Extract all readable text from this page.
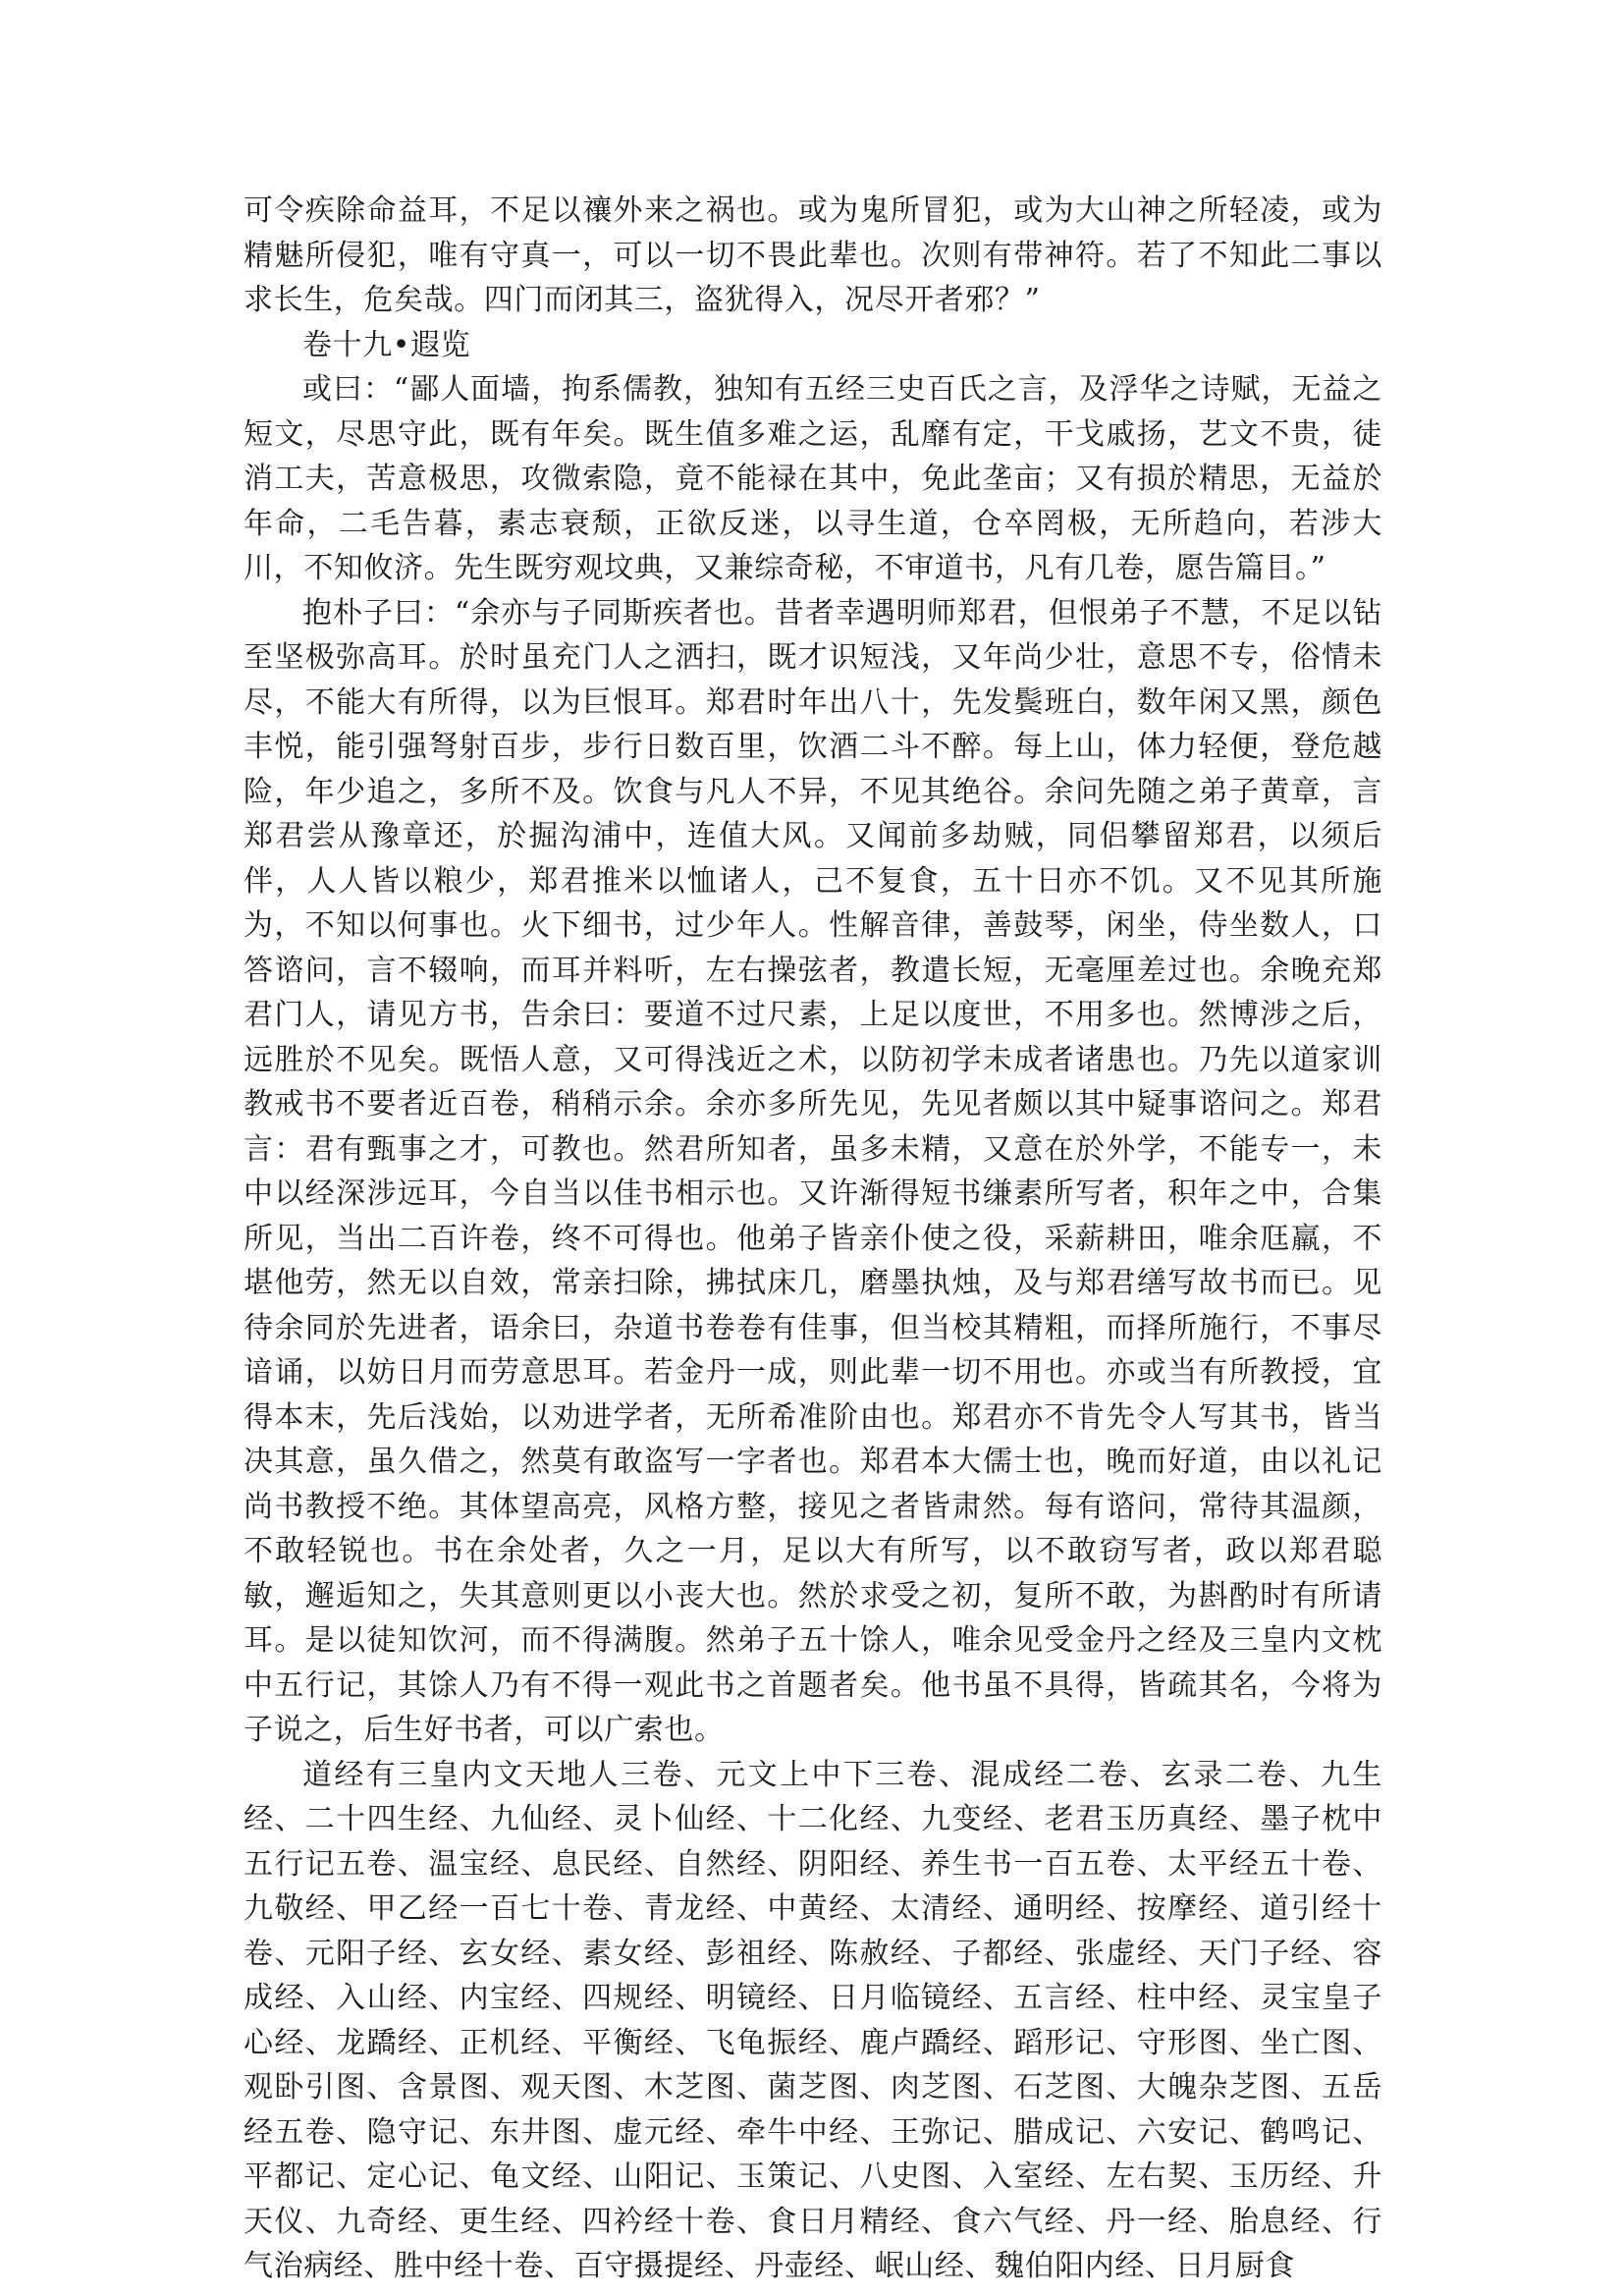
可令疾除命益耳，不足以禳外来之祸也。或为鬼所冒犯，或为大山神之所轻凌，或为精魅所侵犯，唯有守真一，可以一切不畏此辈也。次则有带神符。若了不知此二事以求长生，危矣哉。四门而闭其三，盗犹得入，况尽开者邪？”

卷十九•遐览

或曰：“鄙人面墙，拘系儒教，独知有五经三史百氏之言，及浮华之诗赋，无益之短文，尽思守此，既有年矣。既生值多难之运，乱靡有定，干戈戚扬，艺文不贵，徒消工夫，苦意极思，攻微索隐，竟不能禄在其中，免此垄亩；又有损於精思，无益於年命，二毛告暮，素志衰颓，正欲反迷，以寻生道，仓卒罔极，无所趋向，若涉大川，不知攸济。先生既穷观坟典，又兼综奇秘，不审道书，凡有几卷，愿告篇目。”

抱朴子曰：“余亦与子同斯疾者也。昔者幸遇明师郑君，但恨弟子不慧，不足以钻至坚极弥高耳。於时虽充门人之洒扫，既才识短浅，又年尚少壮，意思不专，俗情未尽，不能大有所得，以为巨恨耳。郑君时年出八十，先发鬓班白，数年闲又黑，颜色丰悦，能引强弩射百步，步行日数百里，饮酒二斗不醉。每上山，体力轻便，登危越险，年少追之，多所不及。饮食与凡人不异，不见其绝谷。余问先随之弟子黄章，言郑君尝从豫章还，於掘沟浦中，连值大风。又闻前多劫贼，同侣攀留郑君，以须后伴，人人皆以粮少，郑君推米以恤诸人，己不复食，五十日亦不饥。又不见其所施为，不知以何事也。火下细书，过少年人。性解音律，善鼓琴，闲坐，侍坐数人，口答谘问，言不辍响，而耳并料听，左右操弦者，教遣长短，无毫厘差过也。余晚充郑君门人，请见方书，告余曰：要道不过尺素，上足以度世，不用多也。然博涉之后，远胜於不见矣。既悟人意，又可得浅近之术，以防初学未成者诸患也。乃先以道家训教戒书不要者近百卷，稍稍示余。余亦多所先见，先见者颇以其中疑事谘问之。郑君言：君有甄事之才，可教也。然君所知者，虽多未精，又意在於外学，不能专一，未中以经深涉远耳，今自当以佳书相示也。又许渐得短书缣素所写者，积年之中，合集所见，当出二百许卷，终不可得也。他弟子皆亲仆使之役，采薪耕田，唯余尫羸，不堪他劳，然无以自效，常亲扫除，拂拭床几，磨墨执烛，及与郑君缮写故书而已。见待余同於先进者，语余曰，杂道书卷卷有佳事，但当校其精粗，而择所施行，不事尽谙诵，以妨日月而劳意思耳。若金丹一成，则此辈一切不用也。亦或当有所教授，宜得本末，先后浅始，以劝进学者，无所希准阶由也。郑君亦不肯先令人写其书，皆当决其意，虽久借之，然莫有敢盗写一字者也。郑君本大儒士也，晚而好道，由以礼记尚书教授不绝。其体望高亮，风格方整，接见之者皆肃然。每有谘问，常待其温颜，不敢轻锐也。书在余处者，久之一月，足以大有所写，以不敢窃写者，政以郑君聪敏，邂逅知之，失其意则更以小丧大也。然於求受之初，复所不敢，为斟酌时有所请耳。是以徒知饮河，而不得满腹。然弟子五十馀人，唯余见受金丹之经及三皇内文枕中五行记，其馀人乃有不得一观此书之首题者矣。他书虽不具得，皆疏其名，今将为子说之，后生好书者，可以广索也。

道经有三皇内文天地人三卷、元文上中下三卷、混成经二卷、玄录二卷、九生经、二十四生经、九仙经、灵卜仙经、十二化经、九变经、老君玉历真经、墨子枕中五行记五卷、温宝经、息民经、自然经、阴阳经、养生书一百五卷、太平经五十卷、九敬经、甲乙经一百七十卷、青龙经、中黄经、太清经、通明经、按摩经、道引经十卷、元阳子经、玄女经、素女经、彭祖经、陈赦经、子都经、张虚经、天门子经、容成经、入山经、内宝经、四规经、明镜经、日月临镜经、五言经、柱中经、灵宝皇子心经、龙蹻经、正机经、平衡经、飞龟振经、鹿卢蹻经、蹈形记、守形图、坐亡图、观卧引图、含景图、观天图、木芝图、菌芝图、肉芝图、石芝图、大魄杂芝图、五岳经五卷、隐守记、东井图、虚元经、牵牛中经、王弥记、腊成记、六安记、鹤鸣记、平都记、定心记、龟文经、山阳记、玉策记、八史图、入室经、左右契、玉历经、升天仪、九奇经、更生经、四衿经十卷、食日月精经、食六气经、丹一经、胎息经、行气治病经、胜中经十卷、百守摄提经、丹壶经、岷山经、魏伯阳内经、日月厨食
